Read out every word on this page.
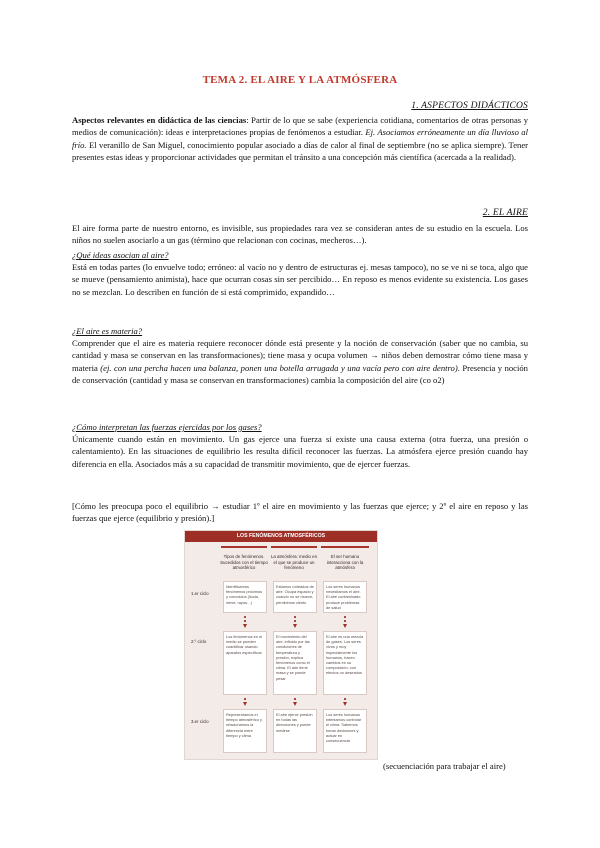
TEMA 2. EL AIRE Y LA ATMÓSFERA
1. ASPECTOS DIDÁCTICOS

Aspectos relevantes en didáctica de las ciencias: Partir de lo que se sabe (experiencia cotidiana, comentarios de otras personas y medios de comunicación): ideas e interpretaciones propias de fenómenos a estudiar. Ej. Asociamos erróneamente un día lluvioso al frío. El veranillo de San Miguel, conocimiento popular asociado a días de calor al final de septiembre (no se aplica siempre). Tener presentes estas ideas y proporcionar actividades que permitan el tránsito a una concepción más científica (acercada a la realidad).

2. EL AIRE

El aire forma parte de nuestro entorno, es invisible, sus propiedades rara vez se consideran antes de su estudio en la escuela. Los niños no suelen asociarlo a un gas (término que relacionan con cocinas, mecheros…).

¿Qué ideas asocian al aire?

Está en todas partes (lo envuelve todo; erróneo: al vacío no y dentro de estructuras ej. mesas tampoco), no se ve ni se toca, algo que se mueve (pensamiento animista), hace que ocurran cosas sin ser percibido… En reposo es menos evidente su existencia. Los gases no se mezclan. Lo describen en función de si está comprimido, expandido…

¿El aire es materia?

Comprender que el aire es materia requiere reconocer dónde está presente y la noción de conservación (saber que no cambia, su cantidad y masa se conservan en las transformaciones); tiene masa y ocupa volumen → niños deben demostrar cómo tiene masa y materia (ej. con una percha hacen una balanza, ponen una botella arrugada y una vacía pero con aire dentro). Presencia y noción de conservación (cantidad y masa se conservan en transformaciones) cambia la composición del aire (co o2)

¿Cómo interpretan las fuerzas ejercidas por los gases?

Únicamente cuando están en movimiento. Un gas ejerce una fuerza si existe una causa externa (otra fuerza, una presión o calentamiento). En las situaciones de equilibrio les resulta difícil reconocer las fuerzas. La atmósfera ejerce presión cuando hay diferencia en ella. Asociados más a su capacidad de transmitir movimiento, que de ejercer fuerzas.

[Cómo les preocupa poco el equilibrio → estudiar 1º el aire en movimiento y las fuerzas que ejerce; y 2º el aire en reposo y las fuerzas que ejerce (equilibrio y presión).]

LOS FENÓMENOS ATMOSFÉRICOS
Tipos de fenómenos. Sucedidos con el tiempo atmosférico
La atmósfera: medio en el que se produce un fenómeno
El ser humano interacciona con la atmósfera
1.er ciclo
2.º ciclo
3.er ciclo
Identificamos fenómenos próximos y conocidos (lluvia, nieve, rayos…)
Estamos rodeados de aire. Ocupa espacio y cuando no se mueve, percibimos viento
Los seres humanos necesitamos el aire. El aire contaminado produce problemas de salud
Los fenómenos en el medio se pueden cuantificar usando aparatos específicos
El movimiento del aire, influido por las condiciones de temperatura y presión, explica fenómenos como el clima. El aire tiene masa y se puede pesar
El aire es una mezcla de gases. Los seres vivos y muy especialmente los humanos, hacen cambios en su composición, con efectos no deseados
Representamos el tiempo atmosférico y relacionamos la diferencia entre tiempo y clima
El aire ejerce presión en todas las direcciones y puede medirse
Los seres humanos intentamos controlar el clima. Sabemos tomar decisiones y actuar en consecuencia
(secuenciación para trabajar el aire)
